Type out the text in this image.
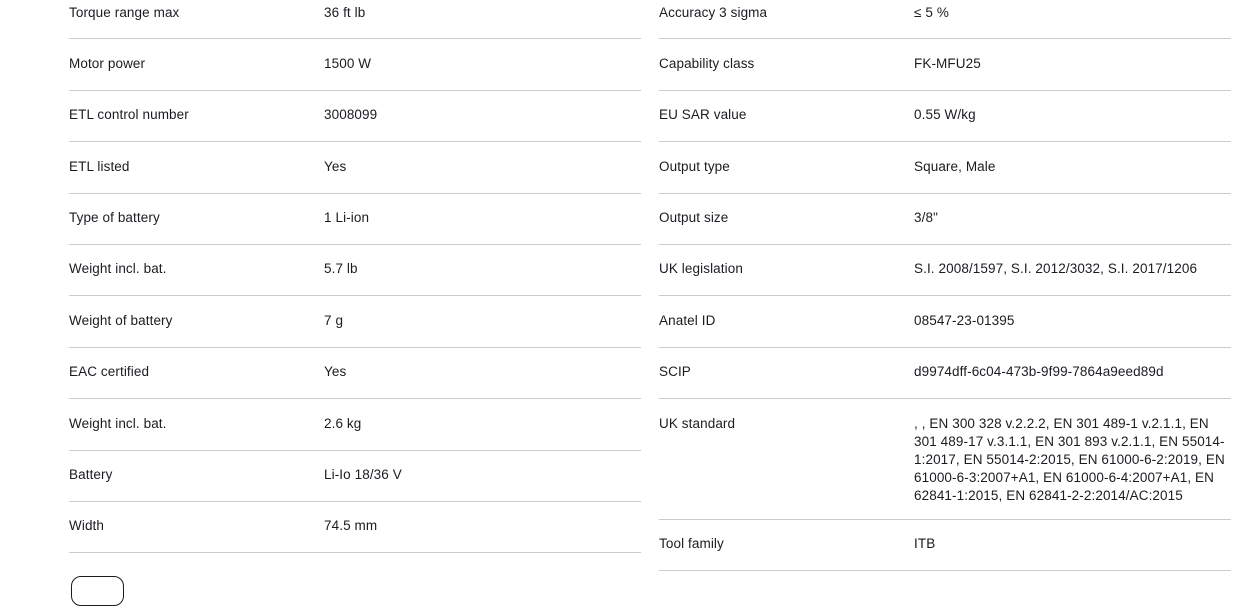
Torque range max	36 ft lb
Motor power	1500 W
ETL control number	3008099
ETL listed	Yes
Type of battery	1 Li-ion
Weight incl. bat.	5.7 lb
Weight of battery	7 g
EAC certified	Yes
Weight incl. bat.	2.6 kg
Battery	Li-Io 18/36 V
Width	74.5 mm
Accuracy 3 sigma	≤ 5 %
Capability class	FK-MFU25
EU SAR value	0.55 W/kg
Output type	Square, Male
Output size	3/8"
UK legislation	S.I. 2008/1597, S.I. 2012/3032, S.I. 2017/1206
Anatel ID	08547-23-01395
SCIP	d9974dff-6c04-473b-9f99-7864a9eed89d
UK standard	, , EN 300 328 v.2.2.2, EN 301 489-1 v.2.1.1, EN 301 489-17 v.3.1.1, EN 301 893 v.2.1.1, EN 55014-1:2017, EN 55014-2:2015, EN 61000-6-2:2019, EN 61000-6-3:2007+A1, EN 61000-6-4:2007+A1, EN 62841-1:2015, EN 62841-2-2:2014/AC:2015
Tool family	ITB
